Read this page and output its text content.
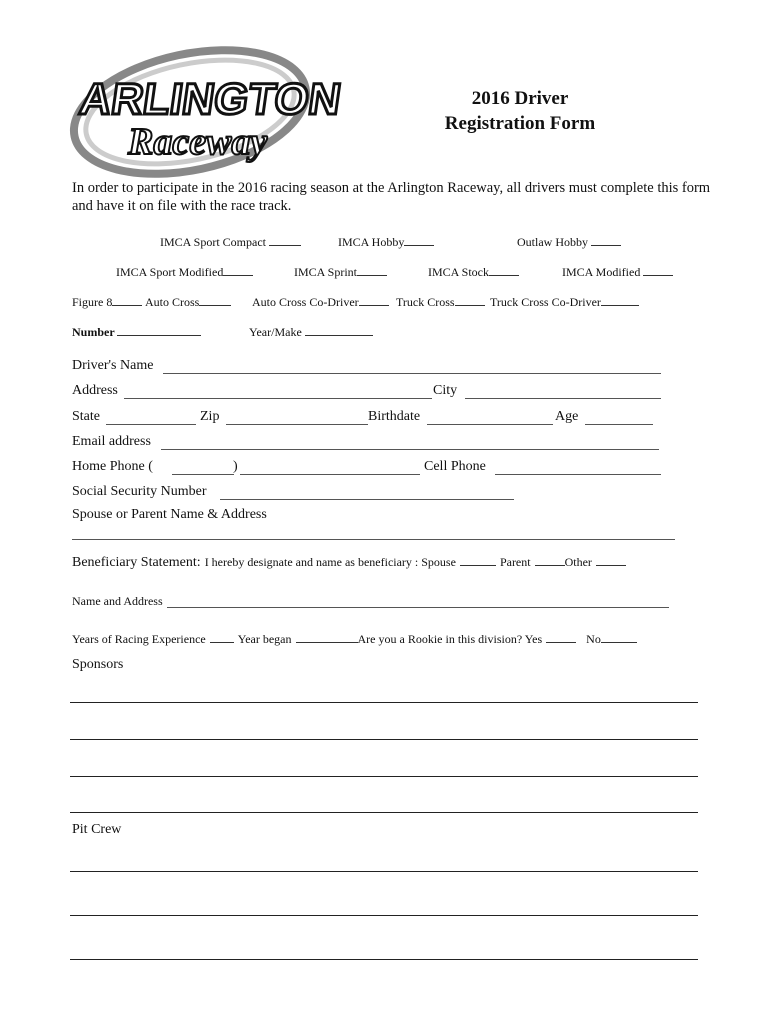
ARLINGTON
Raceway
2016 Driver
Registration Form
In order to participate in the 2016 racing season at the Arlington Raceway, all drivers must complete this form and have it on file with the race track.
IMCA Sport Compact	IMCA Hobby	Outlaw Hobby
IMCA Sport Modified	IMCA Sprint	IMCA Stock	IMCA Modified
Figure 8	Auto Cross	Auto Cross Co-Driver	Truck Cross	Truck Cross Co-Driver
Number	Year/Make
Driver's Name
Address	City
State	Zip	Birthdate	Age
Email address
Home Phone (	)	Cell Phone
Social Security Number
Spouse or Parent Name & Address
Beneficiary Statement: I hereby designate and name as beneficiary : Spouse	Parent	Other
Name and Address
Years of Racing Experience	Year began	Are you a Rookie in this division? Yes	No
Sponsors
Pit Crew
